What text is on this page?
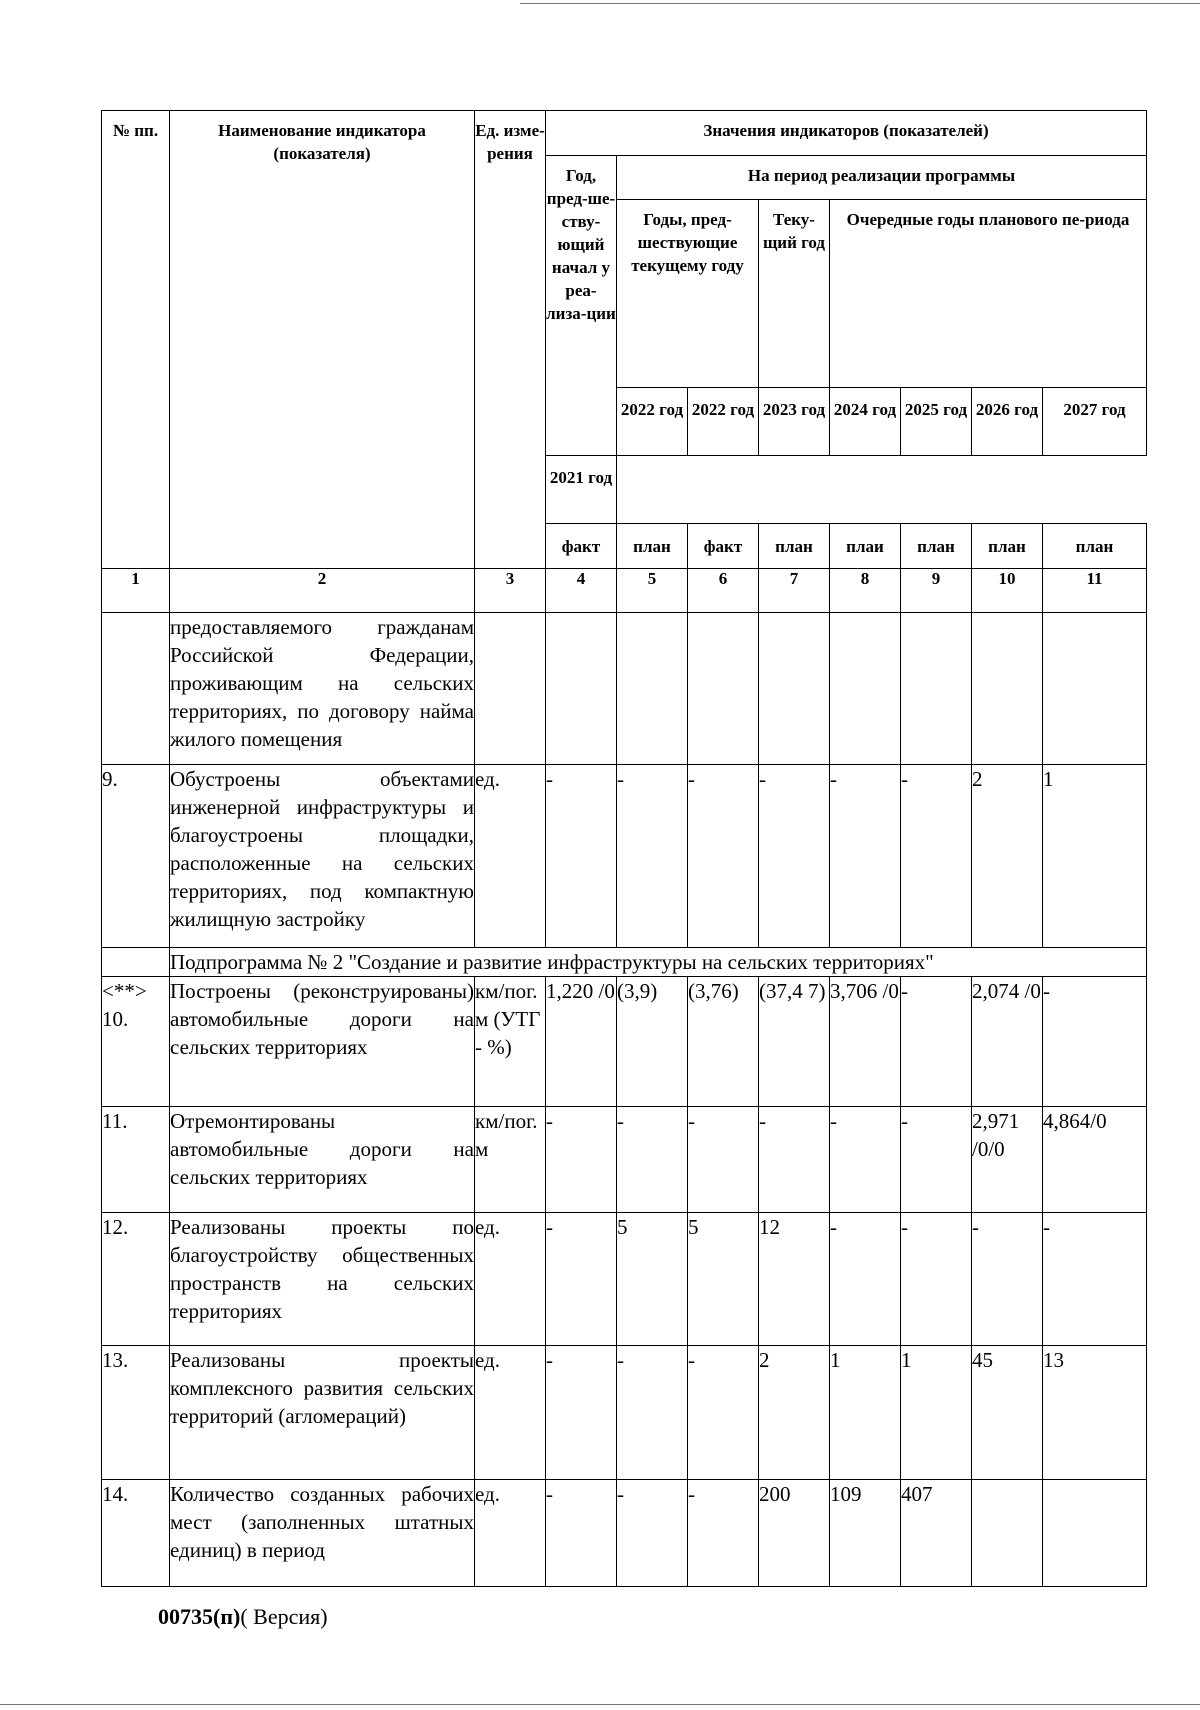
№ пп.	Наименование индикатора (показателя)	Ед. изме-рения	Значения индикаторов (показателей)							
			Год, пред-ше-ству-ющий начал у реа-лиза-ции	На период реализации программы						
				Годы, пред-шествующие текущему году		Теку-щий год	Очередные годы планового пе-риода			
				2022 год	2022 год	2023 год	2024 год	2025 год	2026 год	2027 год
			2021 год						
			факт	план	факт	план	плаи	план	план	план
1	2	3	4	5	6	7	8	9	10	11
	предоставляемого гражданам Российской Федерации, проживающим на сельских территориях, по договору найма жилого помещения									
9.	Обустроены объектами инженерной инфраструктуры и благоустроены площадки, расположенные на сельских территориях, под компактную жилищную застройку	ед.	-	-	-	-	-	-	2	1
	Подпрограмма № 2 "Создание и развитие инфраструктуры на сельских территориях"									
<**> 10.	Построены (реконструированы) автомобильные дороги на сельских территориях	км/пог. м (УТГ - %)	1,220 /0	(3,9)	(3,76)	(37,4 7)	3,706 /0	-	2,074 /0	-
11.	Отремонтированы автомобильные дороги на сельских территориях	км/пог. м	-	-	-	-	-	-	2,971 /0/0	4,864/0
12.	Реализованы проекты по благоустройству общественных пространств на сельских территориях	ед.	-	5	5	12	-	-	-	-
13.	Реализованы проекты комплексного развития сельских территорий (агломераций)	ед.	-	-	-	2	1	1	45	13
14.	Количество созданных рабочих мест (заполненных штатных единиц) в период	ед.	-	-	-	200	109	407		
00735(п)( Версия)
